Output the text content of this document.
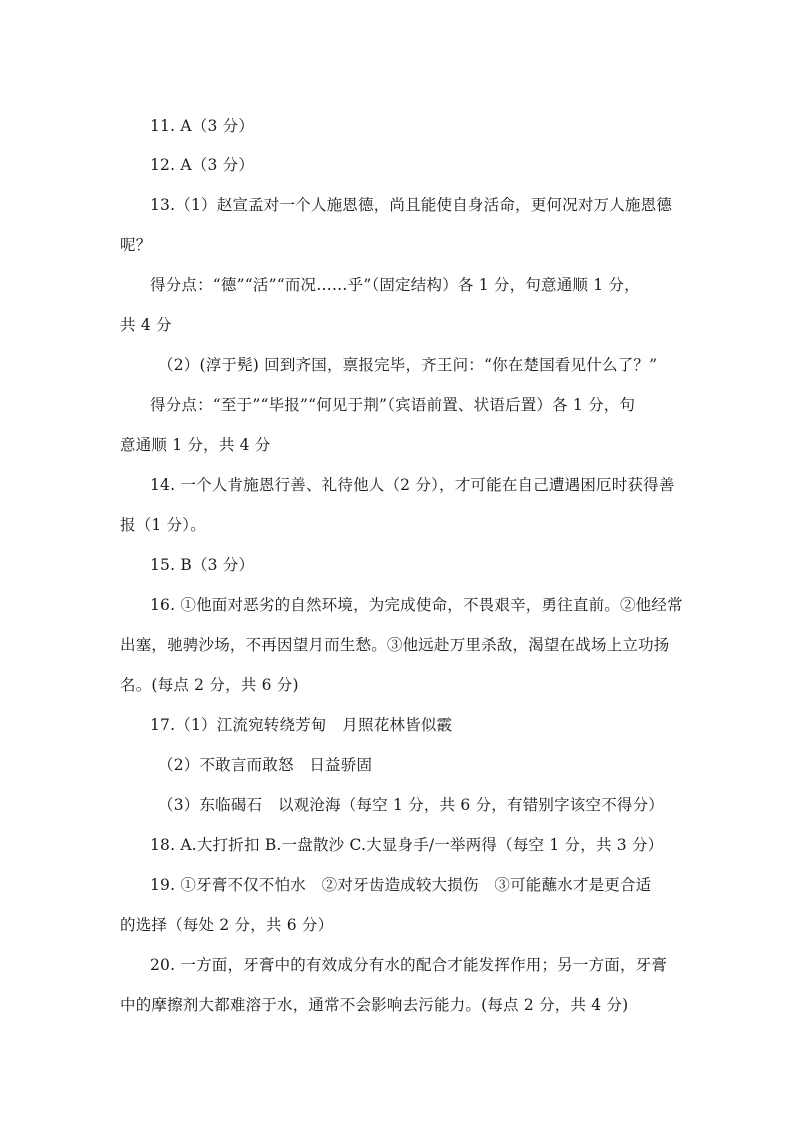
11. A（3 分）
12. A（3 分）
13.（1）赵宣孟对一个人施恩德，尚且能使自身活命，更何况对万人施恩德
呢？
得分点：“德”“活”“而况……乎”（固定结构）各 1 分，句意通顺 1 分，
共 4 分
（2）(淳于髡) 回到齐国，禀报完毕，齐王问：“你在楚国看见什么了？”
得分点：“至于”“毕报”“何见于荆”（宾语前置、状语后置）各 1 分，句
意通顺 1 分，共 4 分
14. 一个人肯施恩行善、礼待他人（2 分），才可能在自己遭遇困厄时获得善
报（1 分）。
15. B（3 分）
16. ①他面对恶劣的自然环境，为完成使命，不畏艰辛，勇往直前。②他经常
出塞，驰骋沙场，不再因望月而生愁。③他远赴万里杀敌，渴望在战场上立功扬
名。(每点 2 分，共 6 分)
17.（1）江流宛转绕芳甸　月照花林皆似霰
（2）不敢言而敢怒　日益骄固
（3）东临碣石　以观沧海（每空 1 分，共 6 分，有错别字该空不得分）
18. A.大打折扣 B.一盘散沙 C.大显身手/一举两得（每空 1 分，共 3 分）
19. ①牙膏不仅不怕水　②对牙齿造成较大损伤　③可能蘸水才是更合适
的选择（每处 2 分，共 6 分）
20. 一方面，牙膏中的有效成分有水的配合才能发挥作用；另一方面，牙膏
中的摩擦剂大都难溶于水，通常不会影响去污能力。(每点 2 分，共 4 分)
